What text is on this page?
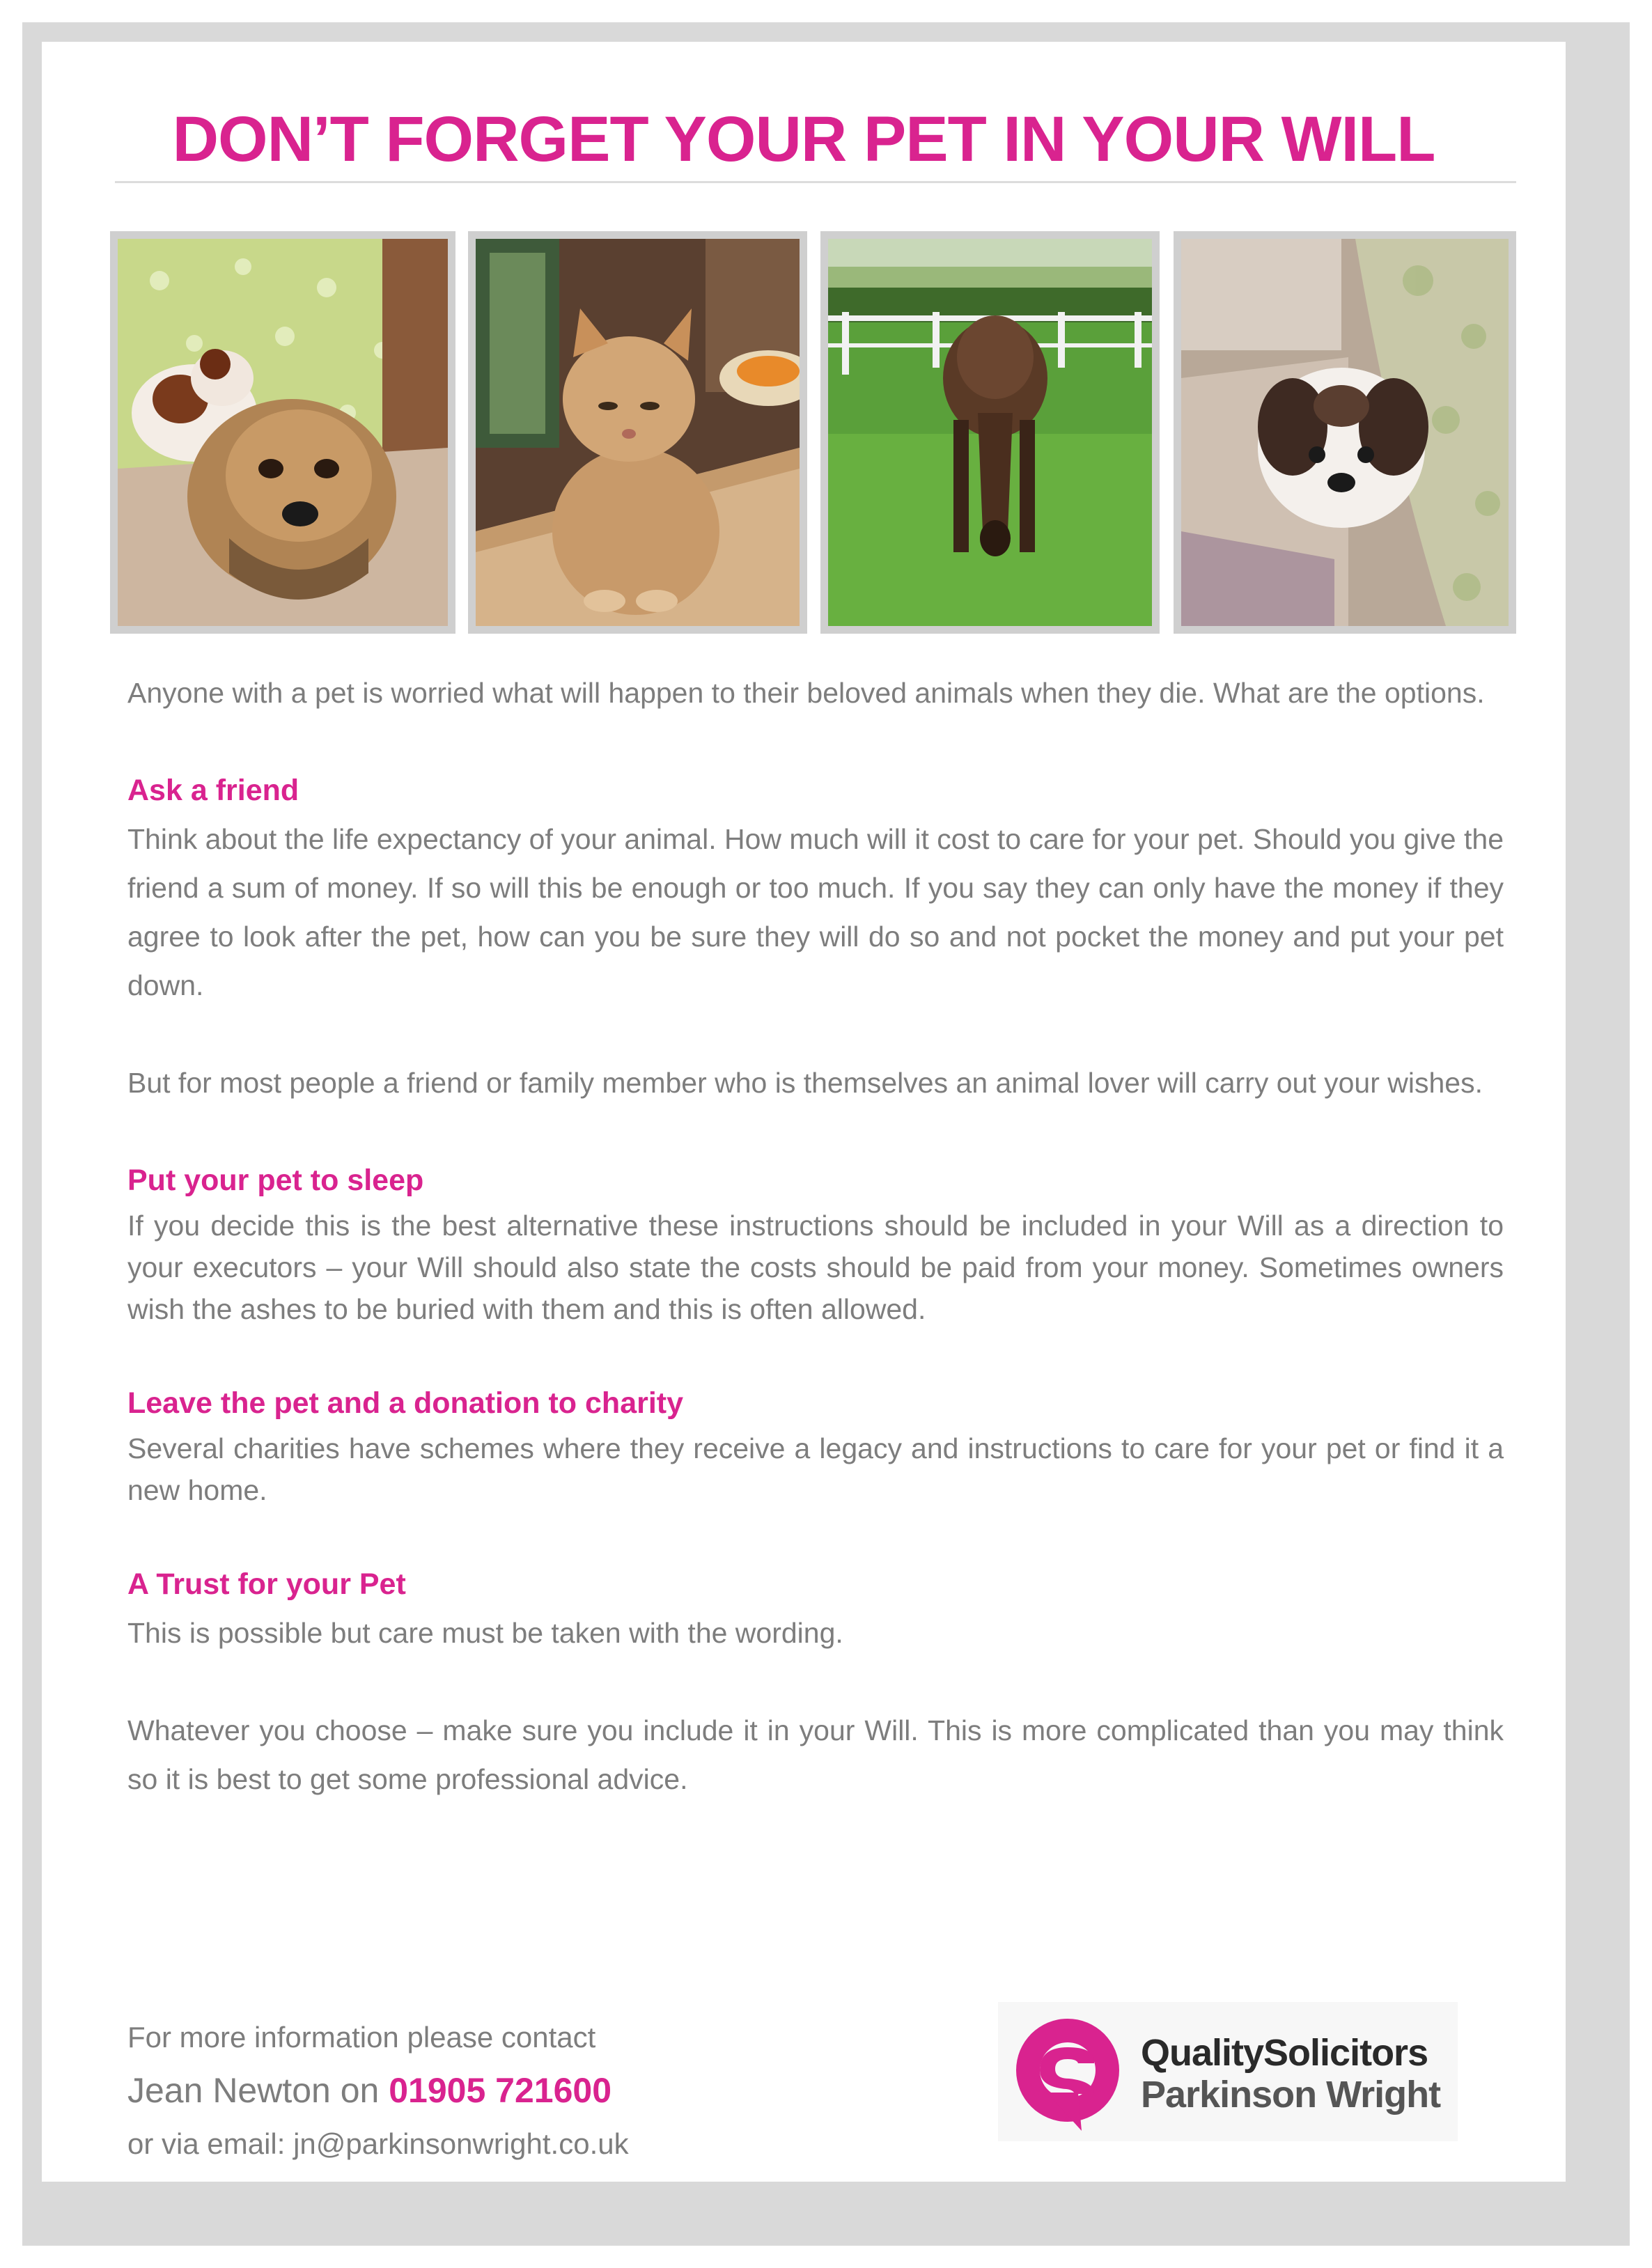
DON’T FORGET YOUR PET IN YOUR WILL

Anyone with a pet is worried what will happen to their beloved animals when they die. What are the options.

Ask a friend

Think about the life expectancy of your animal. How much will it cost to care for your pet. Should you give the friend a sum of money. If so will this be enough or too much. If you say they can only have the money if they agree to look after the pet, how can you be sure they will do so and not pocket the money and put your pet down.

But for most people a friend or family member who is themselves an animal lover will carry out your wishes.

Put your pet to sleep

If you decide this is the best alternative these instructions should be included in your Will as a direction to your executors – your Will should also state the costs should be paid from your money. Sometimes owners wish the ashes to be buried with them and this is often allowed.

Leave the pet and a donation to charity

Several charities have schemes where they receive a legacy and instructions to care for your pet or find it a new home.

A Trust for your Pet

This is possible but care must be taken with the wording.

Whatever you choose – make sure you include it in your Will. This is more complicated than you may think so it is best to get some professional advice.

For more information please contact
Jean Newton on 01905 721600
or via email: jn@parkinsonwright.co.uk
QualitySolicitors
Parkinson Wright
